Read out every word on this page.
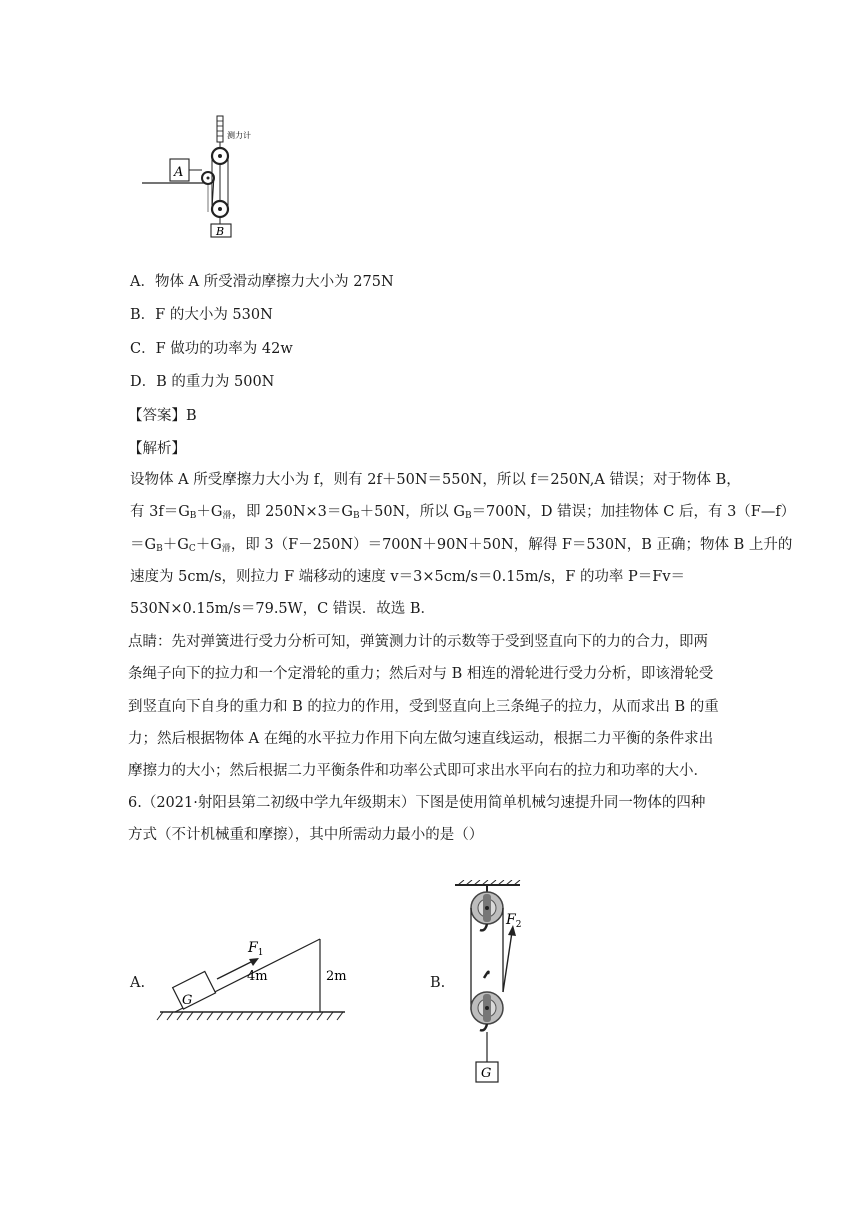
A
测力计
B
A．物体 A 所受滑动摩擦力大小为 275N
B．F 的大小为 530N
C．F 做功的功率为 42w
D．B 的重力为 500N
【答案】B
【解析】
设物体 A 所受摩擦力大小为 f，则有 2f＋50N＝550N，所以 f＝250N,A 错误；对于物体 B，
有 $3f=G_B+G_滑$，即 $250N\times 3=G_B+50N$，所以 $G_B=700N$，D 错误；加挂物体 C 后，有 3（F—f）
$=G_B+G_C+G_滑$，即 3（F－250N）＝700N＋90N＋50N，解得 F＝530N，B 正确；物体 B 上升的
速度为 5cm/s，则拉力 F 端移动的速度 v＝3×5cm/s＝0.15m/s，F 的功率 P＝Fv＝
530N×0.15m/s＝79.5W，C 错误．故选 B．
点睛：先对弹簧进行受力分析可知，弹簧测力计的示数等于受到竖直向下的力的合力，即两
条绳子向下的拉力和一个定滑轮的重力；然后对与 B 相连的滑轮进行受力分析，即该滑轮受
到竖直向下自身的重力和 B 的拉力的作用，受到竖直向上三条绳子的拉力，从而求出 B 的重
力；然后根据物体 A 在绳的水平拉力作用下向左做匀速直线运动，根据二力平衡的条件求出
摩擦力的大小；然后根据二力平衡条件和功率公式即可求出水平向右的拉力和功率的大小．
6.（2021·射阳县第二初级中学九年级期末）下图是使用简单机械匀速提升同一物体的四种
方式（不计机械重和摩擦），其中所需动力最小的是（）
A.
G
$F_1$
4m	2m	B.
$F_2$
G
